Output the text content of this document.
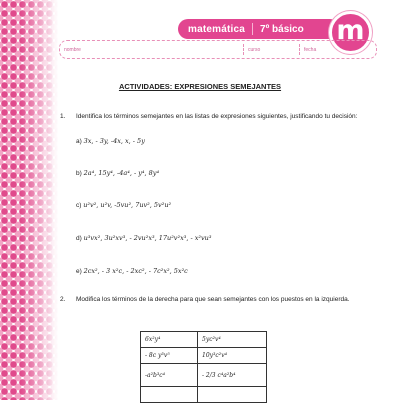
matemática 7º básico m
nombre	curso	fecha
ACTIVIDADES: EXPRESIONES SEMEJANTES
1. Identifica los términos semejantes en las listas de expresiones siguientes, justificando tu decisión:
a) 3x, - 3y, -4x, x, - 5y
b) 2a⁴, 15y⁴, -4a⁴, - y⁴, 8y⁴
c) u²v², u²v, -5vu², 7uv², 5v²u²
d) u³vx², 3u²xv³, - 2vu²x³, 17u²v²x³, - x²vu³
e) 2cx², - 3 x²c, - 2xc², - 7c²x², 5x²c
2. Modifica los términos de la derecha para que sean semejantes con los puestos en la izquierda.
6x²y⁴	5yc²v⁴
- 8c y³v⁵	10y³c²v⁴
-a²b³c⁴	- 2/3 c⁴a²b⁴
